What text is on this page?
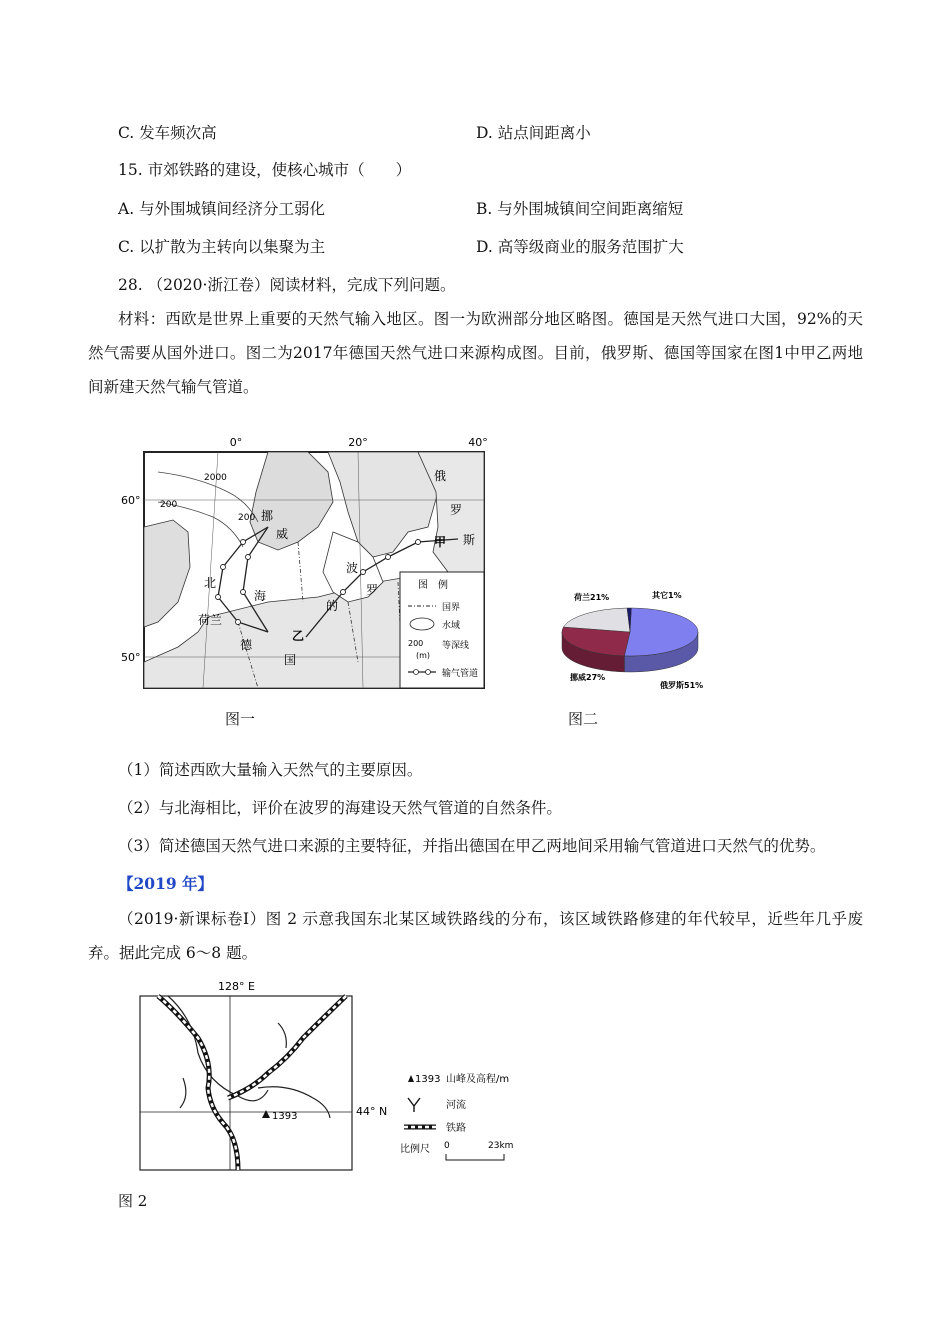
C. 发车频次高	D. 站点间距离小
15. 市郊铁路的建设，使核心城市（　　）
A. 与外围城镇间经济分工弱化	B. 与外围城镇间空间距离缩短
C. 以扩散为主转向以集聚为主	D. 高等级商业的服务范围扩大
28. （2020·浙江卷）阅读材料，完成下列问题。
材料：西欧是世界上重要的天然气输入地区。图一为欧洲部分地区略图。德国是天然气进口大国，92%的天然气需要从国外进口。图二为2017年德国天然气进口来源构成图。目前，俄罗斯、德国等国家在图1中甲乙两地间新建天然气输气管道。
0°	20°	40°
60°
50°
2000
200
200 挪
威
北
海
荷兰
德
国
波
罗
的
俄
罗
斯
甲
乙
图　例
国界
水域
200
(m)
等深线
输气管道
俄罗斯51%
挪威27%
荷兰21%	其它1%
图一	图二
（1）简述西欧大量输入天然气的主要原因。
（2）与北海相比，评价在波罗的海建设天然气管道的自然条件。
（3）简述德国天然气进口来源的主要特征，并指出德国在甲乙两地间采用输气管道进口天然气的优势。
【2019 年】
（2019·新课标卷Ⅰ）图 2 示意我国东北某区域铁路线的分布，该区域铁路修建的年代较早，近些年几乎废弃。据此完成 6～8 题。
1393
128° E
44° N
1393 山峰及高程/m
河流
铁路
比例尺 0	23km
图 2
